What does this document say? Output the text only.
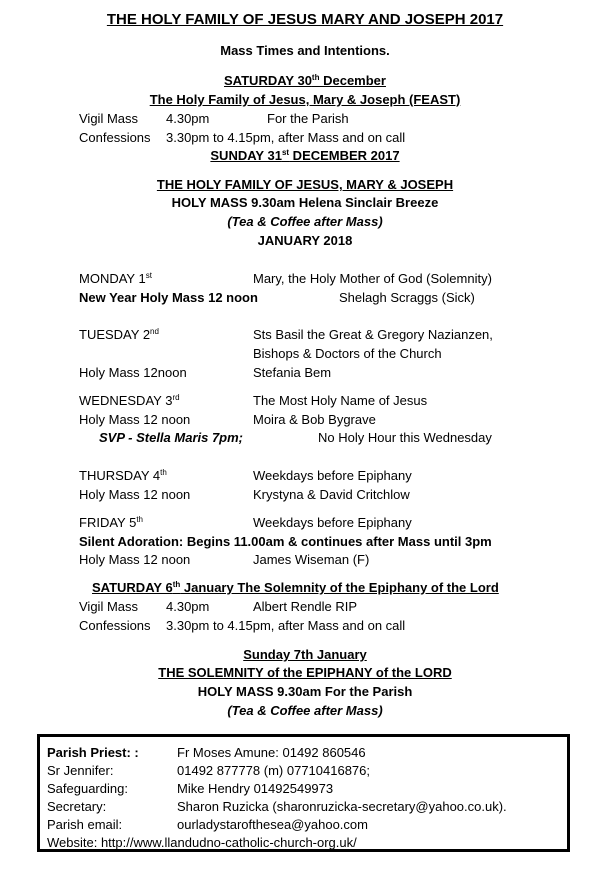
THE HOLY FAMILY OF JESUS MARY AND JOSEPH 2017
Mass Times and Intentions.
SATURDAY 30th December
The Holy Family of Jesus, Mary & Joseph (FEAST)
Vigil Mass 4.30pm	For the Parish
Confessions 3.30pm to 4.15pm, after Mass and on call
SUNDAY 31st DECEMBER 2017
THE HOLY FAMILY OF JESUS, MARY & JOSEPH
HOLY MASS 9.30am Helena Sinclair Breeze
(Tea & Coffee after Mass)
JANUARY 2018
MONDAY 1st	Mary, the Holy Mother of God (Solemnity)
New Year Holy Mass 12 noon	Shelagh Scraggs (Sick)
TUESDAY 2nd	Sts Basil the Great & Gregory Nazianzen,
Bishops & Doctors of the Church
Holy Mass 12noon	Stefania Bem
WEDNESDAY 3rd	The Most Holy Name of Jesus
Holy Mass 12 noon	Moira & Bob Bygrave
SVP - Stella Maris 7pm;	No Holy Hour this Wednesday
THURSDAY 4th	Weekdays before Epiphany
Holy Mass 12 noon	Krystyna & David Critchlow
FRIDAY 5th	Weekdays before Epiphany
Silent Adoration: Begins 11.00am & continues after Mass until 3pm
Holy Mass 12 noon	James Wiseman (F)
SATURDAY 6th January The Solemnity of the Epiphany of the Lord
Vigil Mass 4.30pm	Albert Rendle RIP
Confessions 3.30pm to 4.15pm, after Mass and on call
Sunday 7th January
THE SOLEMNITY of the EPIPHANY of the LORD
HOLY MASS 9.30am For the Parish
(Tea & Coffee after Mass)
Parish Priest: :	Fr Moses Amune: 01492 860546
Sr Jennifer:	01492 877778 (m) 07710416876;
Safeguarding:	Mike Hendry 01492549973
Secretary:	Sharon Ruzicka (sharonruzicka-secretary@yahoo.co.uk).
Parish email:	ourladystarofthesea@yahoo.com
Website: http://www.llandudno-catholic-church-org.uk/
